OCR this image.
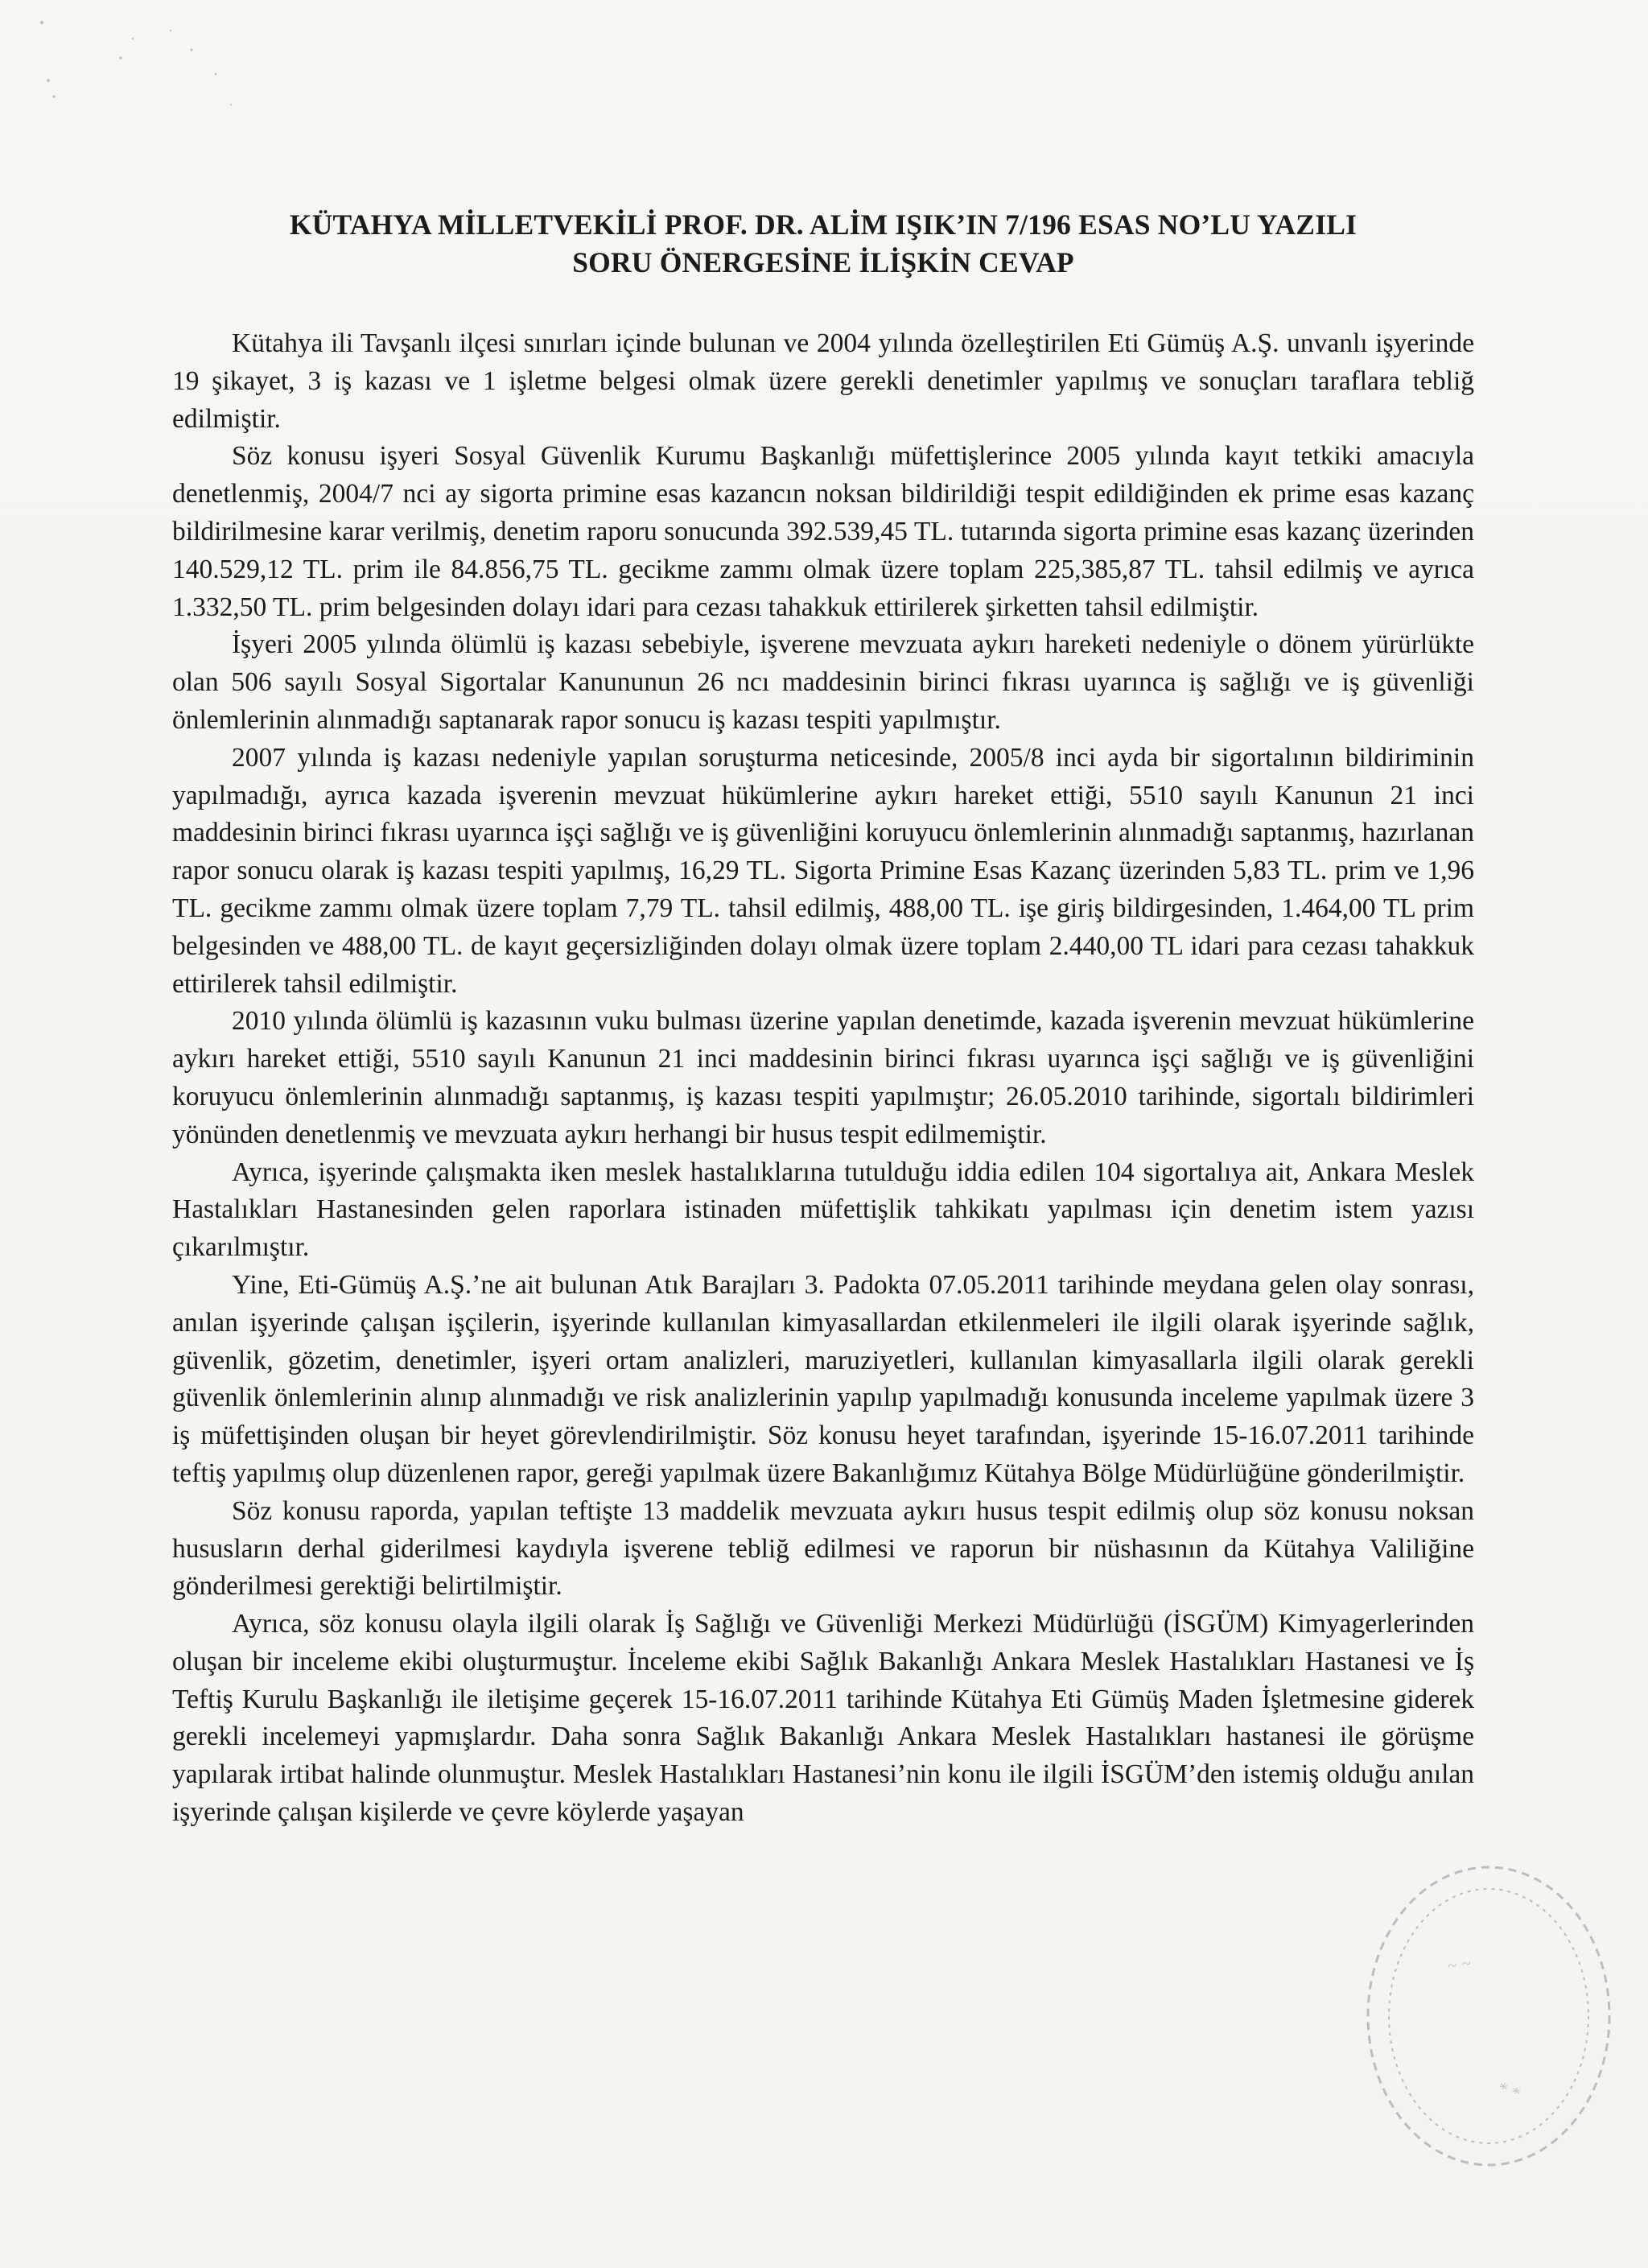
KÜTAHYA MİLLETVEKİLİ PROF. DR. ALİM IŞIK’IN 7/196 ESAS NO’LU YAZILI
SORU ÖNERGESİNE İLİŞKİN CEVAP

Kütahya ili Tavşanlı ilçesi sınırları içinde bulunan ve 2004 yılında özelleştirilen Eti Gümüş A.Ş. unvanlı işyerinde 19 şikayet, 3 iş kazası ve 1 işletme belgesi olmak üzere gerekli denetimler yapılmış ve sonuçları taraflara tebliğ edilmiştir.

Söz konusu işyeri Sosyal Güvenlik Kurumu Başkanlığı müfettişlerince 2005 yılında kayıt tetkiki amacıyla denetlenmiş, 2004/7 nci ay sigorta primine esas kazancın noksan bildirildiği tespit edildiğinden ek prime esas kazanç bildirilmesine karar verilmiş, denetim raporu sonucunda 392.539,45 TL. tutarında sigorta primine esas kazanç üzerinden 140.529,12 TL. prim ile 84.856,75 TL. gecikme zammı olmak üzere toplam 225,385,87 TL. tahsil edilmiş ve ayrıca 1.332,50 TL. prim belgesinden dolayı idari para cezası tahakkuk ettirilerek şirketten tahsil edilmiştir.

İşyeri 2005 yılında ölümlü iş kazası sebebiyle, işverene mevzuata aykırı hareketi nedeniyle o dönem yürürlükte olan 506 sayılı Sosyal Sigortalar Kanununun 26 ncı maddesinin birinci fıkrası uyarınca iş sağlığı ve iş güvenliği önlemlerinin alınmadığı saptanarak rapor sonucu iş kazası tespiti yapılmıştır.

2007 yılında iş kazası nedeniyle yapılan soruşturma neticesinde, 2005/8 inci ayda bir sigortalının bildiriminin yapılmadığı, ayrıca kazada işverenin mevzuat hükümlerine aykırı hareket ettiği, 5510 sayılı Kanunun 21 inci maddesinin birinci fıkrası uyarınca işçi sağlığı ve iş güvenliğini koruyucu önlemlerinin alınmadığı saptanmış, hazırlanan rapor sonucu olarak iş kazası tespiti yapılmış, 16,29 TL. Sigorta Primine Esas Kazanç üzerinden 5,83 TL. prim ve 1,96 TL. gecikme zammı olmak üzere toplam 7,79 TL. tahsil edilmiş, 488,00 TL. işe giriş bildirgesinden, 1.464,00 TL prim belgesinden ve 488,00 TL. de kayıt geçersizliğinden dolayı olmak üzere toplam 2.440,00 TL idari para cezası tahakkuk ettirilerek tahsil edilmiştir.

2010 yılında ölümlü iş kazasının vuku bulması üzerine yapılan denetimde, kazada işverenin mevzuat hükümlerine aykırı hareket ettiği, 5510 sayılı Kanunun 21 inci maddesinin birinci fıkrası uyarınca işçi sağlığı ve iş güvenliğini koruyucu önlemlerinin alınmadığı saptanmış, iş kazası tespiti yapılmıştır; 26.05.2010 tarihinde, sigortalı bildirimleri yönünden denetlenmiş ve mevzuata aykırı herhangi bir husus tespit edilmemiştir.

Ayrıca, işyerinde çalışmakta iken meslek hastalıklarına tutulduğu iddia edilen 104 sigortalıya ait, Ankara Meslek Hastalıkları Hastanesinden gelen raporlara istinaden müfettişlik tahkikatı yapılması için denetim istem yazısı çıkarılmıştır.

Yine, Eti-Gümüş A.Ş.’ne ait bulunan Atık Barajları 3. Padokta 07.05.2011 tarihinde meydana gelen olay sonrası, anılan işyerinde çalışan işçilerin, işyerinde kullanılan kimyasallardan etkilenmeleri ile ilgili olarak işyerinde sağlık, güvenlik, gözetim, denetimler, işyeri ortam analizleri, maruziyetleri, kullanılan kimyasallarla ilgili olarak gerekli güvenlik önlemlerinin alınıp alınmadığı ve risk analizlerinin yapılıp yapılmadığı konusunda inceleme yapılmak üzere 3 iş müfettişinden oluşan bir heyet görevlendirilmiştir. Söz konusu heyet tarafından, işyerinde 15-16.07.2011 tarihinde teftiş yapılmış olup düzenlenen rapor, gereği yapılmak üzere Bakanlığımız Kütahya Bölge Müdürlüğüne gönderilmiştir.

Söz konusu raporda, yapılan teftişte 13 maddelik mevzuata aykırı husus tespit edilmiş olup söz konusu noksan hususların derhal giderilmesi kaydıyla işverene tebliğ edilmesi ve raporun bir nüshasının da Kütahya Valiliğine gönderilmesi gerektiği belirtilmiştir.

Ayrıca, söz konusu olayla ilgili olarak İş Sağlığı ve Güvenliği Merkezi Müdürlüğü (İSGÜM) Kimyagerlerinden oluşan bir inceleme ekibi oluşturmuştur. İnceleme ekibi Sağlık Bakanlığı Ankara Meslek Hastalıkları Hastanesi ve İş Teftiş Kurulu Başkanlığı ile iletişime geçerek 15-16.07.2011 tarihinde Kütahya Eti Gümüş Maden İşletmesine giderek gerekli incelemeyi yapmışlardır. Daha sonra Sağlık Bakanlığı Ankara Meslek Hastalıkları hastanesi ile görüşme yapılarak irtibat halinde olunmuştur. Meslek Hastalıkları Hastanesi’nin konu ile ilgili İSGÜM’den istemiş olduğu anılan işyerinde çalışan kişilerde ve çevre köylerde yaşayan

~ ~
* *
